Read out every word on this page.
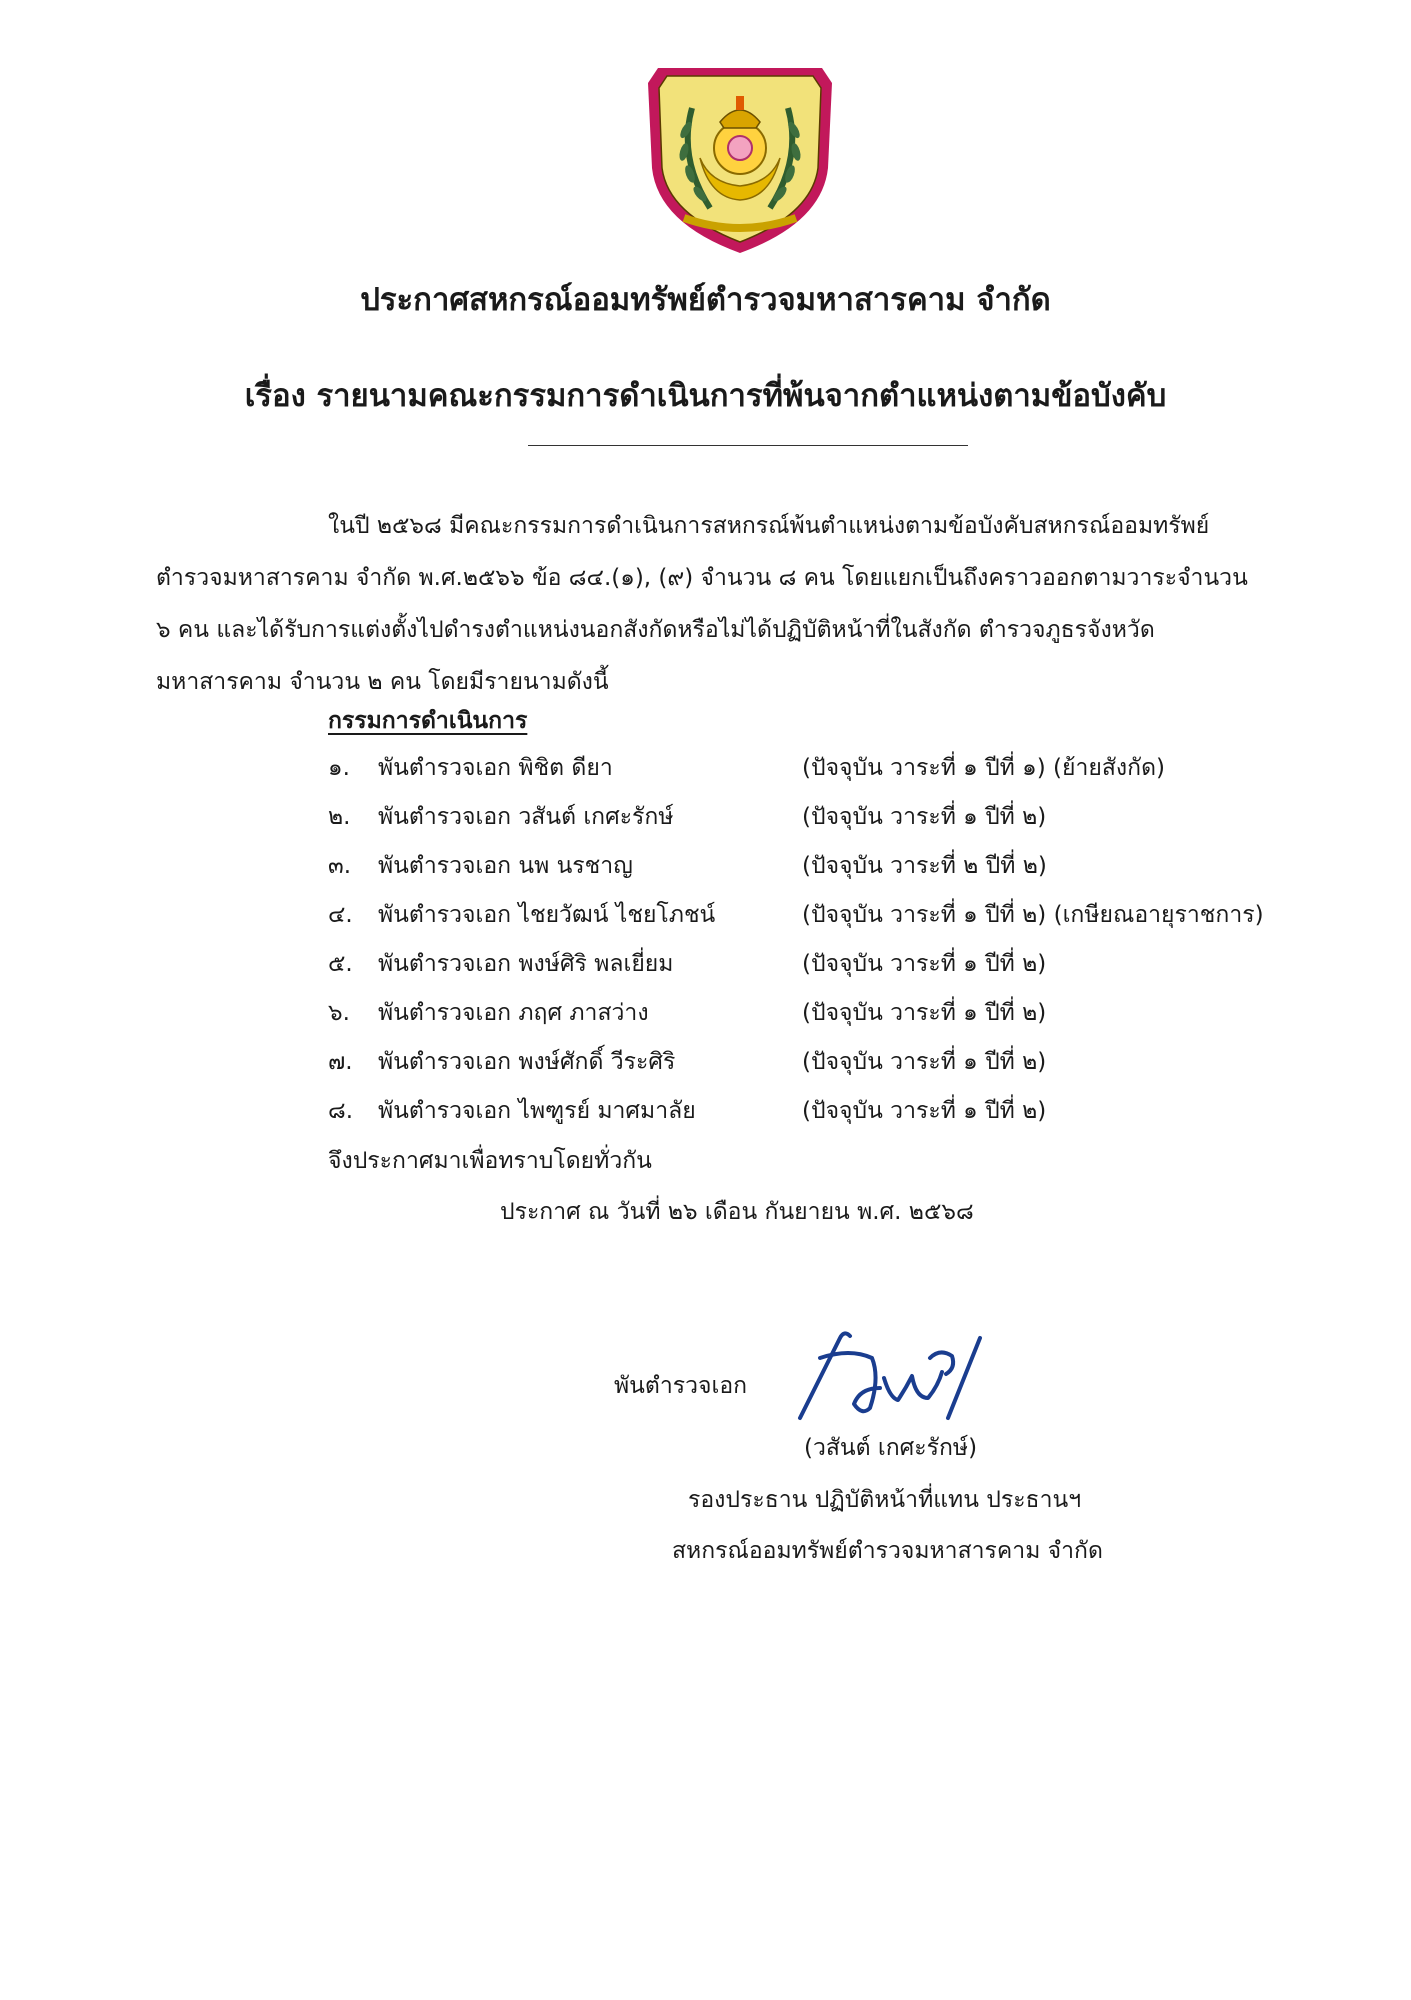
ประกาศสหกรณ์ออมทรัพย์ตำรวจมหาสารคาม จำกัด
เรื่อง รายนามคณะกรรมการดำเนินการที่พ้นจากตำแหน่งตามข้อบังคับ
ในปี ๒๕๖๘ มีคณะกรรมการดำเนินการสหกรณ์พ้นตำแหน่งตามข้อบังคับสหกรณ์ออมทรัพย์
ตำรวจมหาสารคาม จำกัด พ.ศ.๒๕๖๖ ข้อ ๘๔.(๑), (๙) จำนวน ๘ คน โดยแยกเป็นถึงคราวออกตามวาระจำนวน
๖ คน และได้รับการแต่งตั้งไปดำรงตำแหน่งนอกสังกัดหรือไม่ได้ปฏิบัติหน้าที่ในสังกัด ตำรวจภูธรจังหวัด
มหาสารคาม จำนวน ๒ คน โดยมีรายนามดังนี้
กรรมการดำเนินการ
๑. พันตำรวจเอก พิชิต ดียา	(ปัจจุบัน วาระที่ ๑ ปีที่ ๑) (ย้ายสังกัด)
๒. พันตำรวจเอก วสันต์ เกศะรักษ์	(ปัจจุบัน วาระที่ ๑ ปีที่ ๒)
๓. พันตำรวจเอก นพ นรชาญ	(ปัจจุบัน วาระที่ ๒ ปีที่ ๒)
๔. พันตำรวจเอก ไชยวัฒน์ ไชยโภชน์	(ปัจจุบัน วาระที่ ๑ ปีที่ ๒) (เกษียณอายุราชการ)
๕. พันตำรวจเอก พงษ์ศิริ พลเยี่ยม	(ปัจจุบัน วาระที่ ๑ ปีที่ ๒)
๖. พันตำรวจเอก ภฤศ ภาสว่าง	(ปัจจุบัน วาระที่ ๑ ปีที่ ๒)
๗. พันตำรวจเอก พงษ์ศักดิ์ วีระศิริ	(ปัจจุบัน วาระที่ ๑ ปีที่ ๒)
๘. พันตำรวจเอก ไพฑูรย์ มาศมาลัย	(ปัจจุบัน วาระที่ ๑ ปีที่ ๒)
จึงประกาศมาเพื่อทราบโดยทั่วกัน
ประกาศ ณ วันที่ ๒๖ เดือน กันยายน พ.ศ. ๒๕๖๘
พันตำรวจเอก
(วสันต์ เกศะรักษ์)
รองประธาน ปฏิบัติหน้าที่แทน ประธานฯ
สหกรณ์ออมทรัพย์ตำรวจมหาสารคาม จำกัด
